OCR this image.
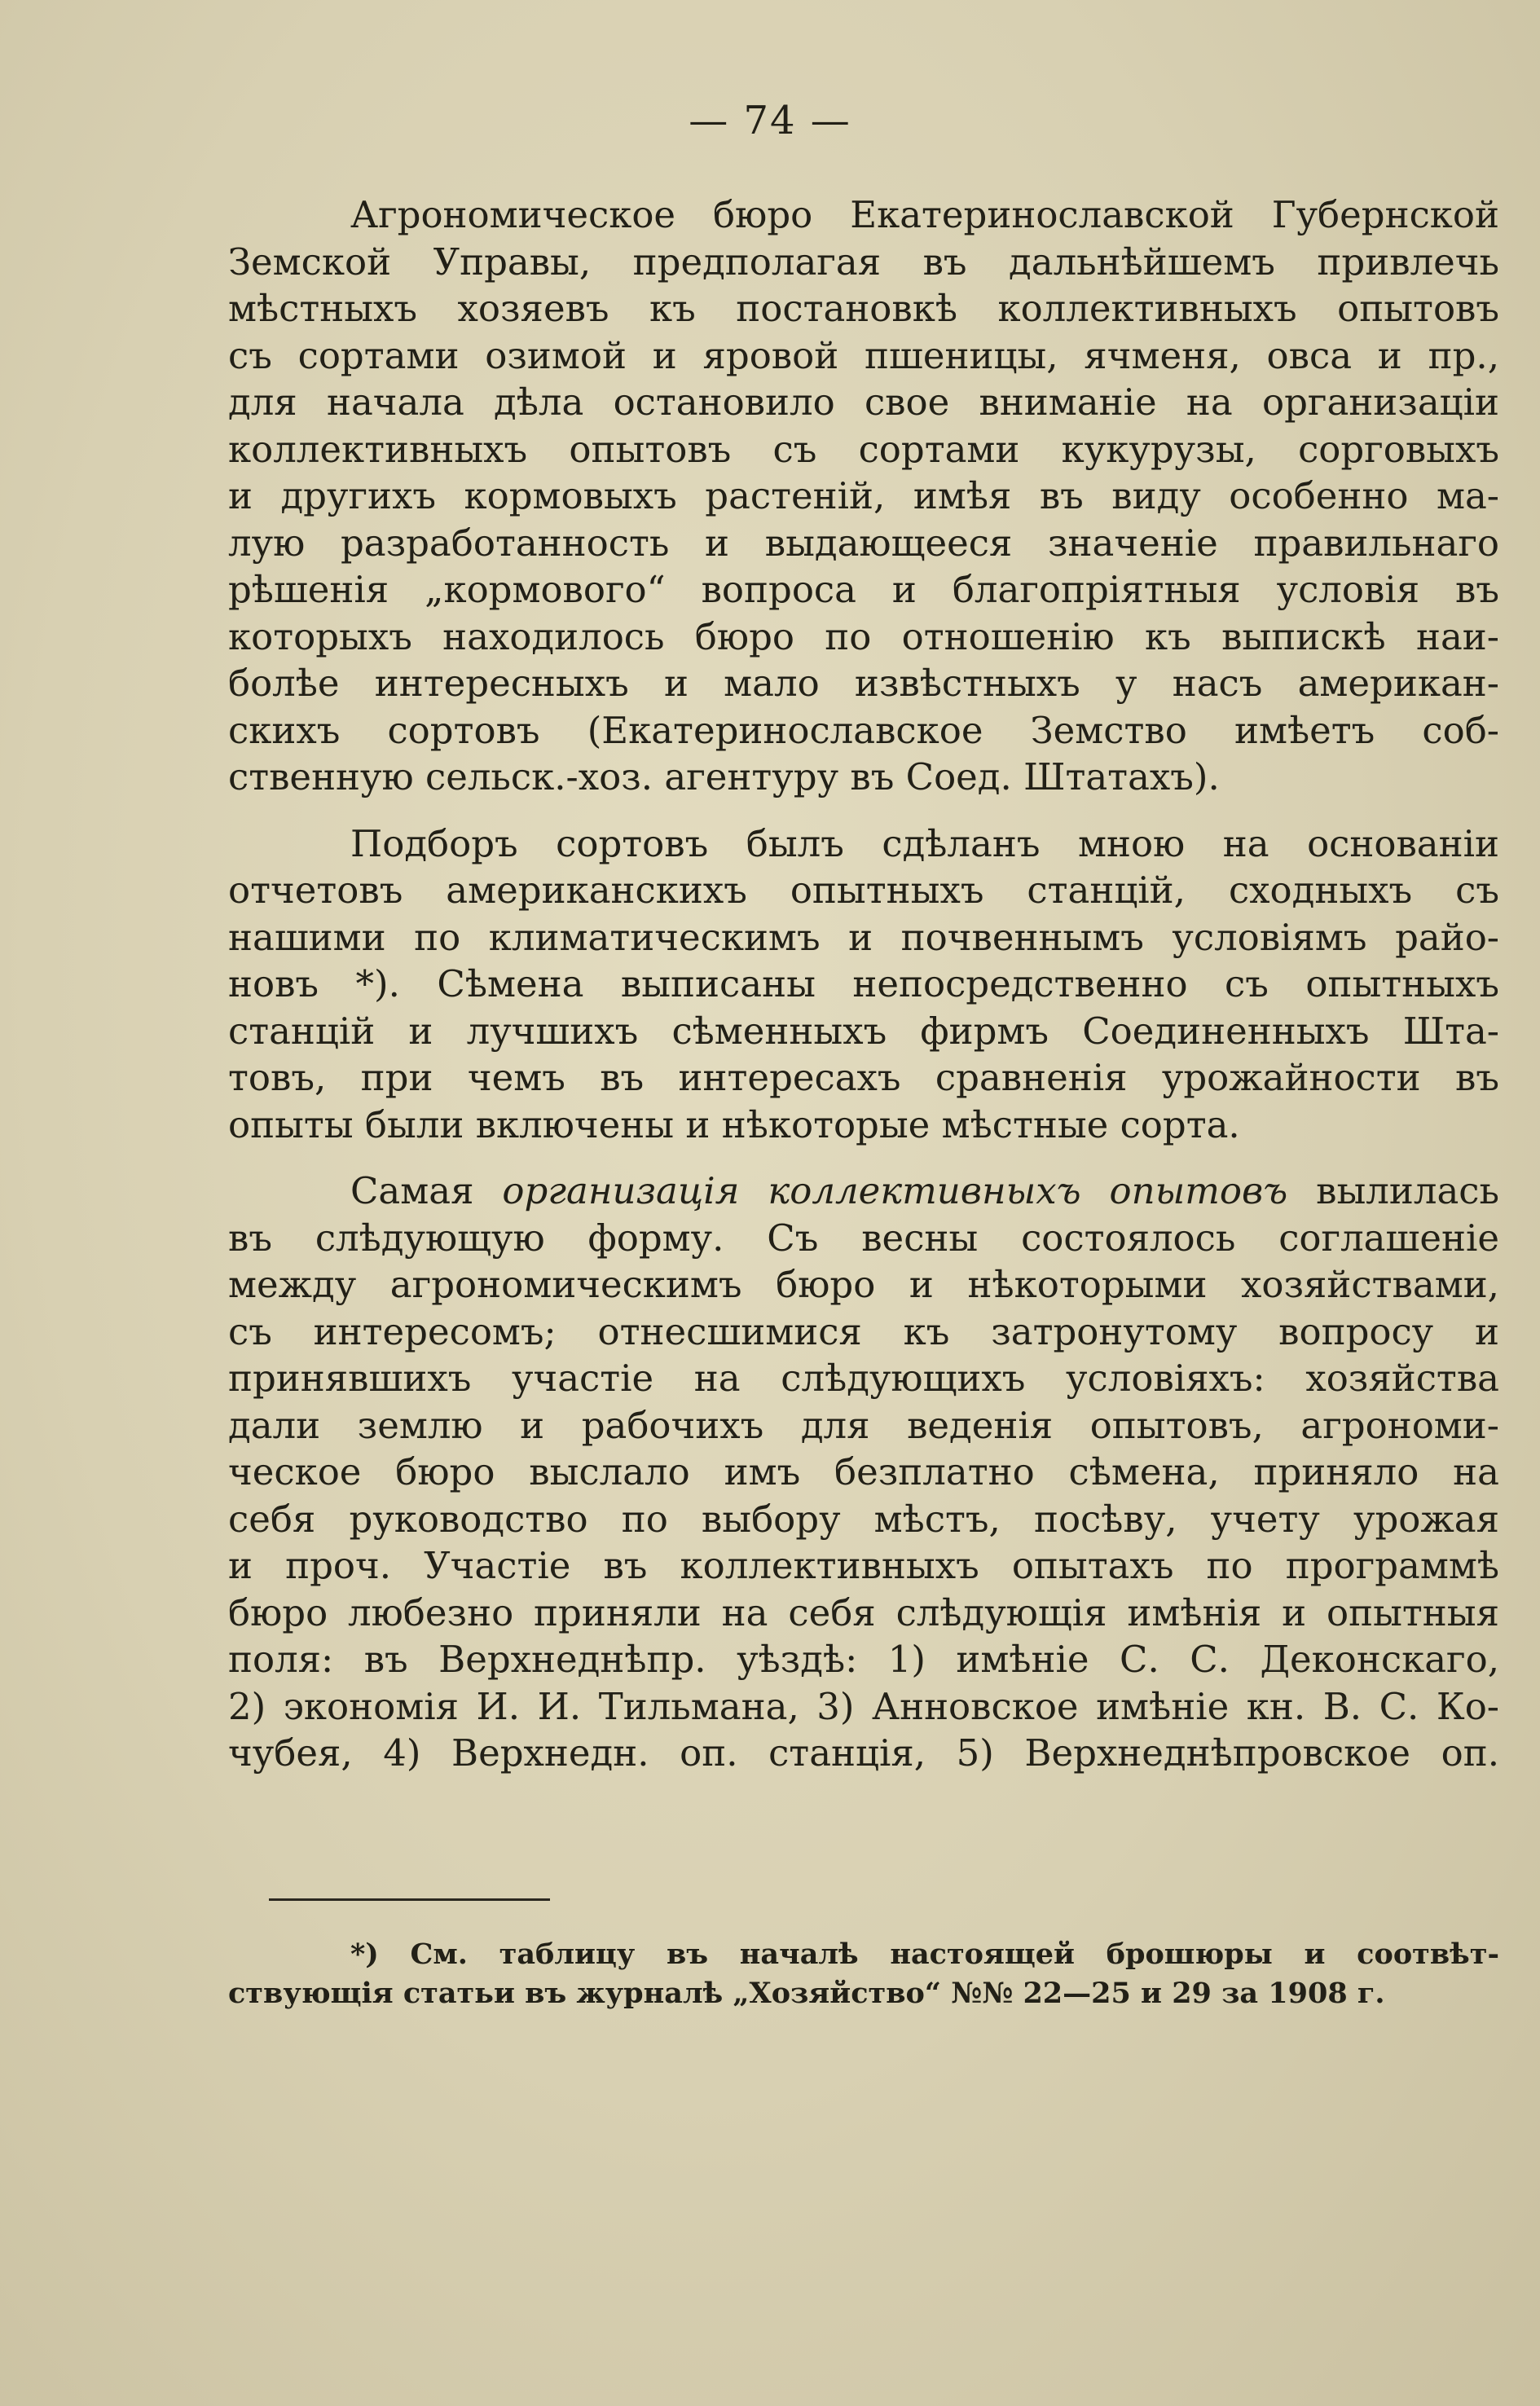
— 74 —
Агрономическое бюро Екатеринославской Губернской
Земской Управы, предполагая въ дальнѣйшемъ привлечь
мѣстныхъ хозяевъ къ постановкѣ коллективныхъ опытовъ
съ сортами озимой и яровой пшеницы, ячменя, овса и пр.,
для начала дѣла остановило свое вниманіе на организаціи
коллективныхъ опытовъ съ сортами кукурузы, сорговыхъ
и другихъ кормовыхъ растеній, имѣя въ виду особенно ма-
лую разработанность и выдающееся значеніе правильнаго
рѣшенія „кормового“ вопроса и благопріятныя условія въ
которыхъ находилось бюро по отношенію къ выпискѣ наи-
болѣе интересныхъ и мало извѣстныхъ у насъ американ-
скихъ сортовъ (Екатеринославское Земство имѣетъ соб-
ственную сельск.-хоз. агентуру въ Соед. Штатахъ).
Подборъ сортовъ былъ сдѣланъ мною на основаніи
отчетовъ американскихъ опытныхъ станцій, сходныхъ съ
нашими по климатическимъ и почвеннымъ условіямъ райо-
новъ *). Сѣмена выписаны непосредственно съ опытныхъ
станцій и лучшихъ сѣменныхъ фирмъ Соединенныхъ Шта-
товъ, при чемъ въ интересахъ сравненія урожайности въ
опыты были включены и нѣкоторые мѣстные сорта.
Самая организація коллективныхъ опытовъ вылилась
въ слѣдующую форму. Съ весны состоялось соглашеніе
между агрономическимъ бюро и нѣкоторыми хозяйствами,
съ интересомъ; отнесшимися къ затронутому вопросу и
принявшихъ участіе на слѣдующихъ условіяхъ: хозяйства
дали землю и рабочихъ для веденія опытовъ, агрономи-
ческое бюро выслало имъ безплатно сѣмена, приняло на
себя руководство по выбору мѣстъ, посѣву, учету урожая
и проч. Участіе въ коллективныхъ опытахъ по программѣ
бюро любезно приняли на себя слѣдующія имѣнія и опытныя
поля: въ Верхнеднѣпр. уѣздѣ: 1) имѣніе С. С. Деконскаго,
2) экономія И. И. Тильмана, 3) Анновское имѣніе кн. В. С. Ко-
чубея, 4) Верхнедн. оп. станція, 5) Верхнеднѣпровское оп.
*) См. таблицу въ началѣ настоящей брошюры и соотвѣт-
ствующія статьи въ журналѣ „Хозяйство“ №№ 22—25 и 29 за 1908 г.
